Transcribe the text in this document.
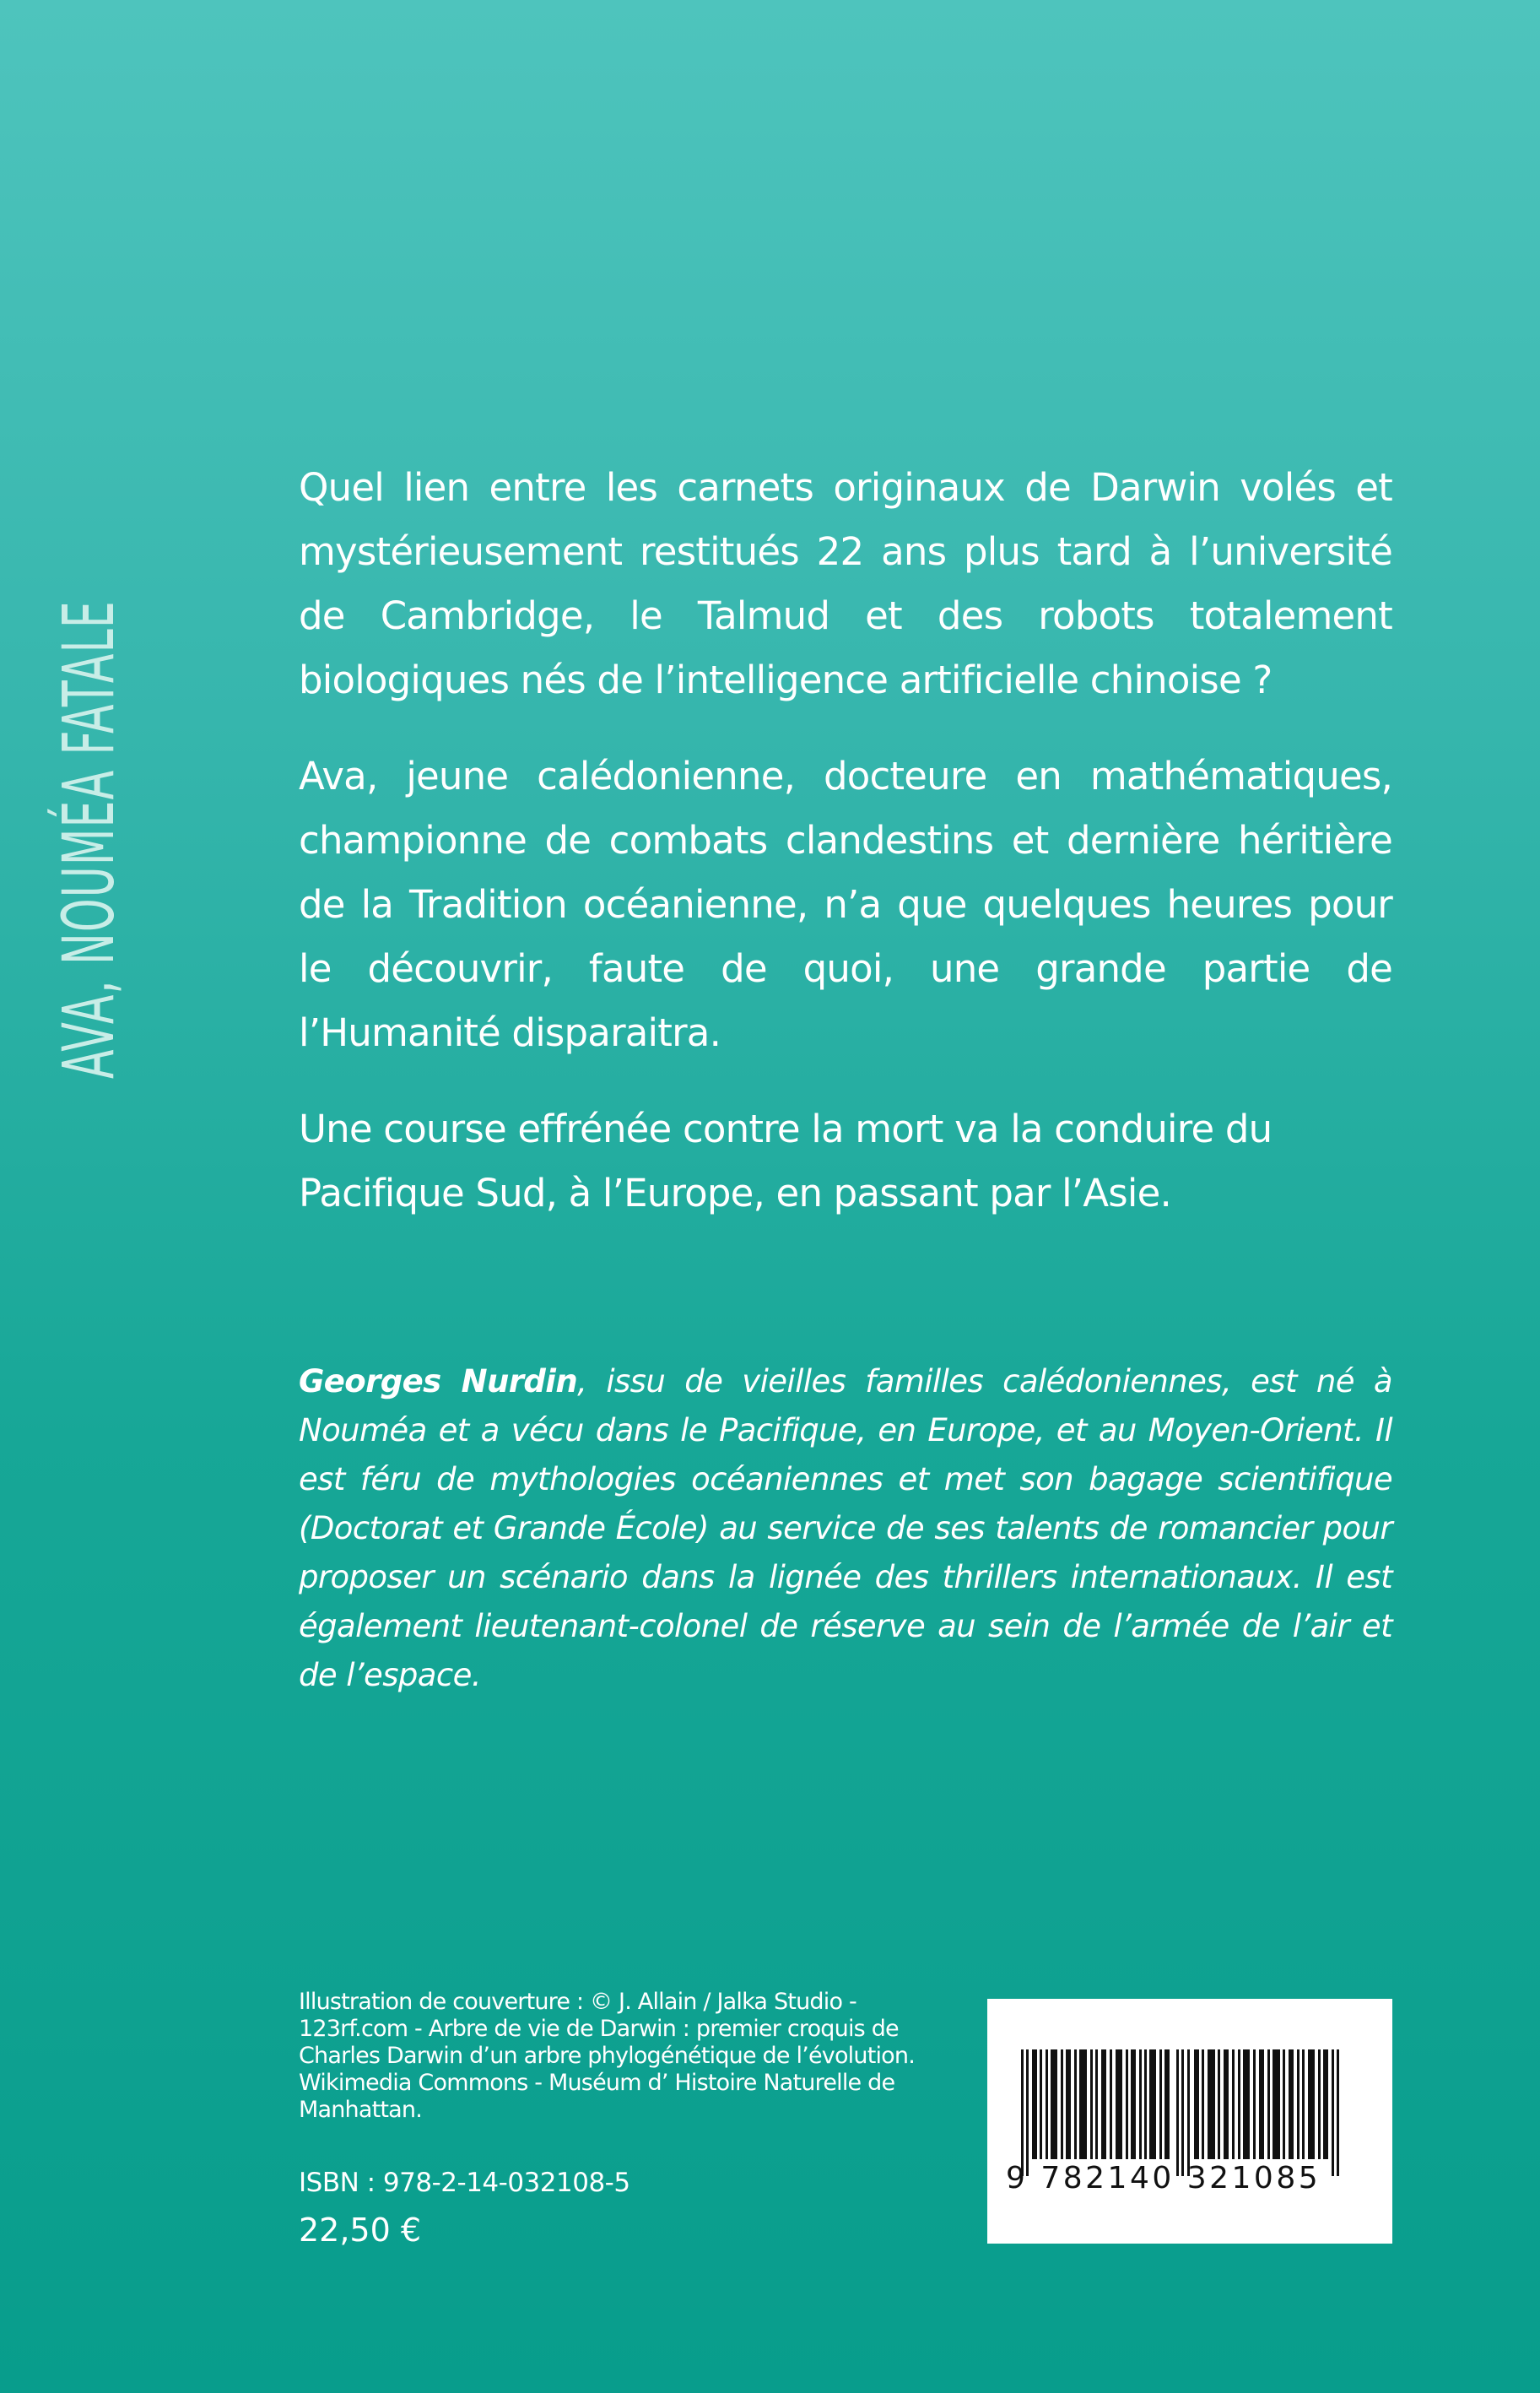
AVA, NOUMÉA FATALE

Quel lien entre les carnets originaux de Darwin volés et mystérieusement restitués 22 ans plus tard à l’université de Cambridge, le Talmud et des robots totalement biologiques nés de l’intelligence artificielle chinoise ?

Ava, jeune calédonienne, docteure en mathématiques, championne de combats clandestins et dernière héritière de la Tradition océanienne, n’a que quelques heures pour le découvrir, faute de quoi, une grande partie de l’Humanité disparaitra.

Une course effrénée contre la mort va la conduire du Pacifique Sud, à l’Europe, en passant par l’Asie.

Georges Nurdin, issu de vieilles familles calédoniennes, est né à Nouméa et a vécu dans le Pacifique, en Europe, et au Moyen-Orient. Il est féru de mythologies océaniennes et met son bagage scientifique (Doctorat et Grande École) au service de ses talents de romancier pour proposer un scénario dans la lignée des thrillers internationaux. Il est également lieutenant-colonel de réserve au sein de l’armée de l’air et de l’espace.
Illustration de couverture : © J. Allain / Jalka Studio -
123rf.com - Arbre de vie de Darwin : premier croquis de
Charles Darwin d’un arbre phylogénétique de l’évolution.
Wikimedia Commons - Muséum d’ Histoire Naturelle de
Manhattan.
ISBN : 978-2-14-032108-5
22,50 €
9 782140 321085
